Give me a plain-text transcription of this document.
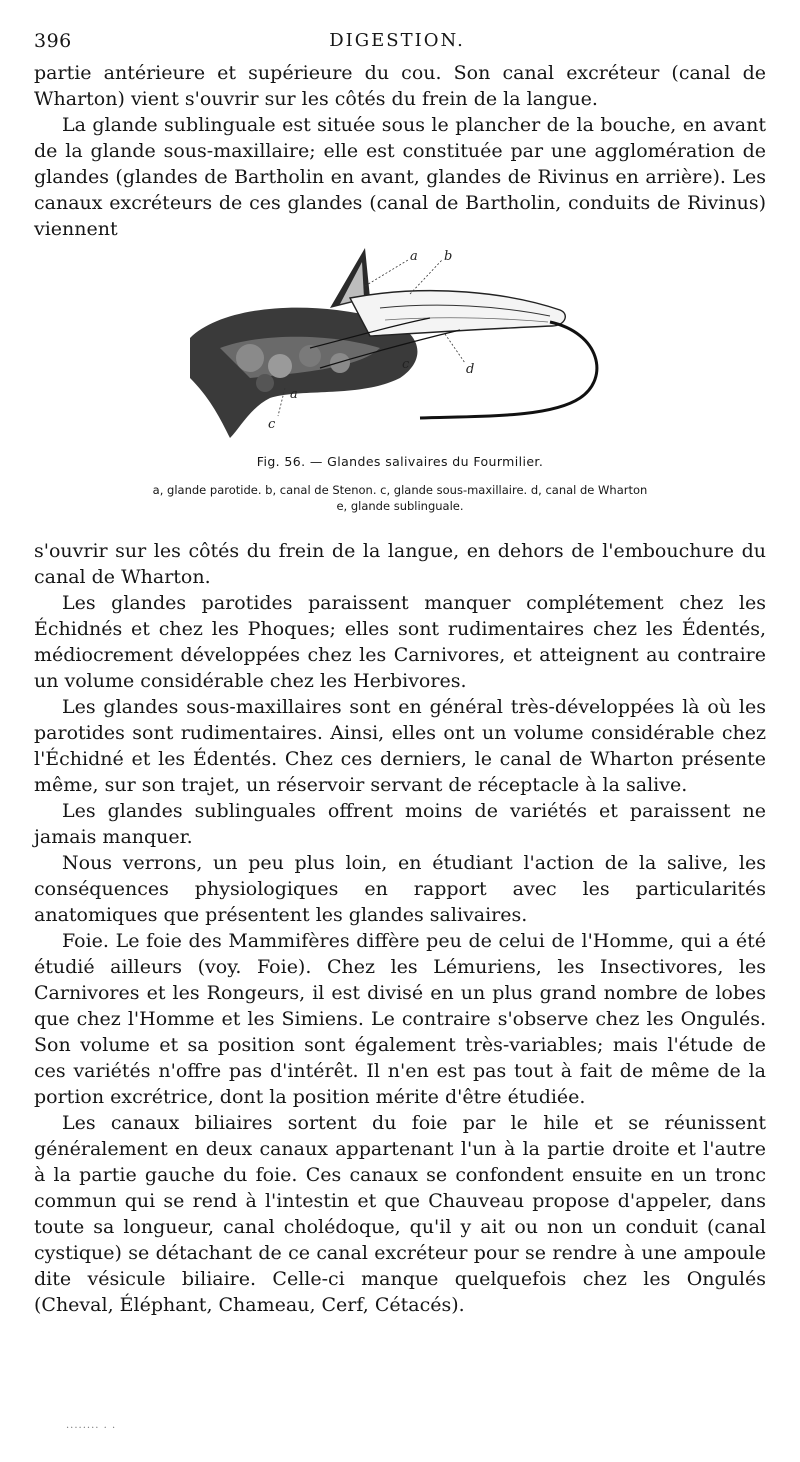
396	DIGESTION.

partie antérieure et supérieure du cou. Son canal excréteur (canal de Wharton) vient s'ouvrir sur les côtés du frein de la langue.

La glande sublinguale est située sous le plancher de la bouche, en avant de la glande sous-maxillaire; elle est constituée par une agglomération de glandes (glandes de Bartholin en avant, glandes de Rivinus en arrière). Les canaux excréteurs de ces glandes (canal de Bartholin, conduits de Rivinus) viennent

a b
c	d
a
c
Fig. 56. — Glandes salivaires du Fourmilier.

a, glande parotide. b, canal de Stenon. c, glande sous-maxillaire. d, canal de Wharton

e, glande sublinguale.

s'ouvrir sur les côtés du frein de la langue, en dehors de l'embouchure du canal de Wharton.

Les glandes parotides paraissent manquer complétement chez les Échidnés et chez les Phoques; elles sont rudimentaires chez les Édentés, médiocrement développées chez les Carnivores, et atteignent au contraire un volume considérable chez les Herbivores.

Les glandes sous-maxillaires sont en général très-développées là où les parotides sont rudimentaires. Ainsi, elles ont un volume considérable chez l'Échidné et les Édentés. Chez ces derniers, le canal de Wharton présente même, sur son trajet, un réservoir servant de réceptacle à la salive.

Les glandes sublinguales offrent moins de variétés et paraissent ne jamais manquer.

Nous verrons, un peu plus loin, en étudiant l'action de la salive, les conséquences physiologiques en rapport avec les particularités anatomiques que présentent les glandes salivaires.

Foie. Le foie des Mammifères diffère peu de celui de l'Homme, qui a été étudié ailleurs (voy. Foie). Chez les Lémuriens, les Insectivores, les Carnivores et les Rongeurs, il est divisé en un plus grand nombre de lobes que chez l'Homme et les Simiens. Le contraire s'observe chez les Ongulés. Son volume et sa position sont également très-variables; mais l'étude de ces variétés n'offre pas d'intérêt. Il n'en est pas tout à fait de même de la portion excrétrice, dont la position mérite d'être étudiée.

Les canaux biliaires sortent du foie par le hile et se réunissent généralement en deux canaux appartenant l'un à la partie droite et l'autre à la partie gauche du foie. Ces canaux se confondent ensuite en un tronc commun qui se rend à l'intestin et que Chauveau propose d'appeler, dans toute sa longueur, canal cholédoque, qu'il y ait ou non un conduit (canal cystique) se détachant de ce canal excréteur pour se rendre à une ampoule dite vésicule biliaire. Celle-ci manque quelquefois chez les Ongulés (Cheval, Éléphant, Chameau, Cerf, Cétacés).

........ . .
